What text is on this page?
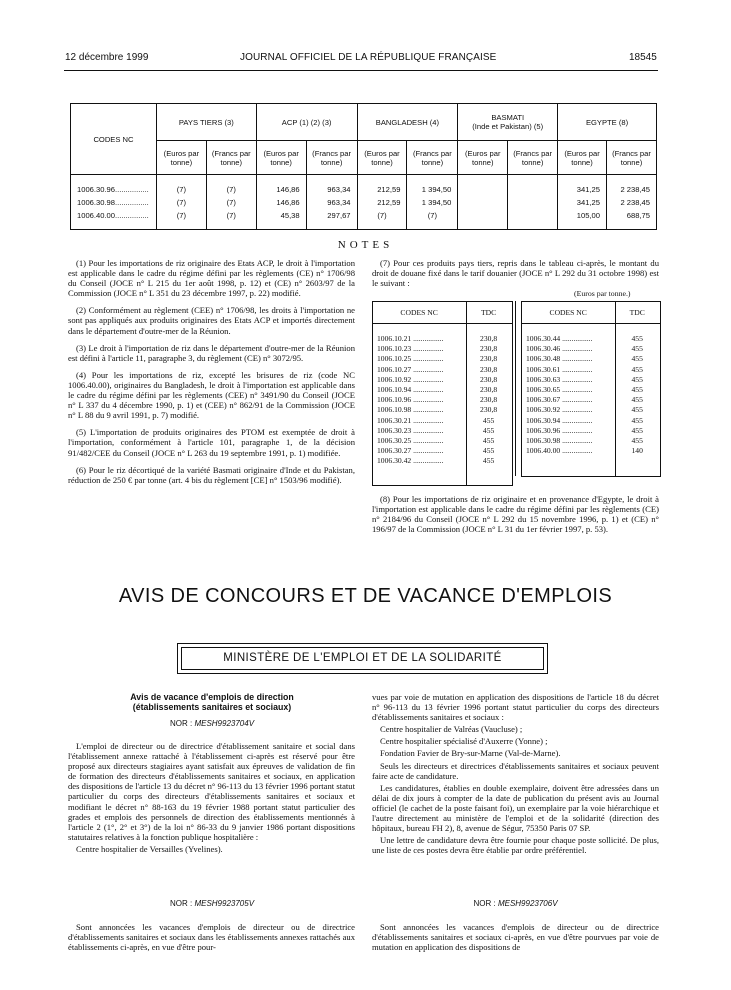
12 décembre 1999	JOURNAL OFFICIEL DE LA RÉPUBLIQUE FRANÇAISE	18545
CODES NC	PAYS TIERS (3)		ACP (1) (2) (3)		BANGLADESH (4)		BASMATI
(Inde et Pakistan) (5)		EGYPTE (8)	
	(Euros par tonne)	(Francs par tonne)	(Euros par tonne)	(Francs par tonne)	(Euros par tonne)	(Francs par tonne)	(Euros par tonne)	(Francs par tonne)	(Euros par tonne)	(Francs par tonne)
1006.30.96................	(7)	(7)	146,86	963,34	212,59	1 394,50			341,25	2 238,45
1006.30.98................	(7)	(7)	146,86	963,34	212,59	1 394,50			341,25	2 238,45
1006.40.00................	(7)	(7)	45,38	297,67	(7)	(7)			105,00	688,75
NOTES

(1) Pour les importations de riz originaire des Etats ACP, le droit à l'importation est applicable dans le cadre du régime défini par les règlements (CE) n° 1706/98 du Conseil (JOCE n° L 215 du 1er août 1998, p. 12) et (CE) n° 2603/97 de la Commission (JOCE n° L 351 du 23 décembre 1997, p. 22) modifié.

(2) Conformément au règlement (CEE) n° 1706/98, les droits à l'importation ne sont pas appliqués aux produits originaires des Etats ACP et importés directement dans le département d'outre-mer de la Réunion.

(3) Le droit à l'importation de riz dans le département d'outre-mer de la Réunion est défini à l'article 11, paragraphe 3, du règlement (CE) n° 3072/95.

(4) Pour les importations de riz, excepté les brisures de riz (code NC 1006.40.00), originaires du Bangladesh, le droit à l'importation est applicable dans le cadre du régime défini par les règlements (CEE) n° 3491/90 du Conseil (JOCE n° L 337 du 4 décembre 1990, p. 1) et (CEE) n° 862/91 de la Commission (JOCE n° L 88 du 9 avril 1991, p. 7) modifié.

(5) L'importation de produits originaires des PTOM est exemptée de droit à l'importation, conformément à l'article 101, paragraphe 1, de la décision 91/482/CEE du Conseil (JOCE n° L 263 du 19 septembre 1991, p. 1) modifiée.

(6) Pour le riz décortiqué de la variété Basmati originaire d'Inde et du Pakistan, réduction de 250 € par tonne (art. 4 bis du règlement [CE] n° 1503/96 modifié).

(7) Pour ces produits pays tiers, repris dans le tableau ci-après, le montant du droit de douane fixé dans le tarif douanier (JOCE n° L 292 du 31 octobre 1998) est le suivant :

(Euros par tonne.)
CODES NC	TDC
1006.10.21 ................	230,8
1006.10.23 ................	230,8
1006.10.25 ................	230,8
1006.10.27 ................	230,8
1006.10.92 ................	230,8
1006.10.94 ................	230,8
1006.10.96 ................	230,8
1006.10.98 ................	230,8
1006.30.21 ................	455
1006.30.23 ................	455
1006.30.25 ................	455
1006.30.27 ................	455
1006.30.42 ................	455
CODES NC	TDC
1006.30.44 ................	455
1006.30.46 ................	455
1006.30.48 ................	455
1006.30.61 ................	455
1006.30.63 ................	455
1006.30.65 ................	455
1006.30.67 ................	455
1006.30.92 ................	455
1006.30.94 ................	455
1006.30.96 ................	455
1006.30.98 ................	455
1006.40.00 ................	140
(8) Pour les importations de riz originaire et en provenance d'Egypte, le droit à l'importation est applicable dans le cadre du régime défini par les règlements (CE) n° 2184/96 du Conseil (JOCE n° L 292 du 15 novembre 1996, p. 1) et (CE) n° 196/97 de la Commission (JOCE n° L 31 du 1er février 1997, p. 53).
AVIS DE CONCOURS ET DE VACANCE D'EMPLOIS
MINISTÈRE DE L'EMPLOI ET DE LA SOLIDARITÉ
Avis de vacance d'emplois de direction
(établissements sanitaires et sociaux)
NOR : MESH9923704V

L'emploi de directeur ou de directrice d'établissement sanitaire et social dans l'établissement annexe rattaché à l'établissement ci-après est réservé pour être proposé aux directeurs stagiaires ayant satisfait aux épreuves de validation de fin de formation des directeurs d'établissements sanitaires et sociaux, en application des dispositions de l'article 13 du décret n° 96-113 du 13 février 1996 portant statut particulier du corps des directeurs d'établissements sanitaires et sociaux et modifiant le décret n° 88-163 du 19 février 1988 portant statut particulier des grades et emplois des personnels de direction des établissements mentionnés à l'article 2 (1°, 2° et 3°) de la loi n° 86-33 du 9 janvier 1986 portant dispositions statutaires relatives à la fonction publique hospitalière :

Centre hospitalier de Versailles (Yvelines).

NOR : MESH9923705V

Sont annoncées les vacances d'emplois de directeur ou de directrice d'établissements sanitaires et sociaux dans les établissements annexes rattachés aux établissements ci-après, en vue d'être pour-

vues par voie de mutation en application des dispositions de l'article 18 du décret n° 96-113 du 13 février 1996 portant statut particulier du corps des directeurs d'établissements sanitaires et sociaux :

Centre hospitalier de Valréas (Vaucluse) ;

Centre hospitalier spécialisé d'Auxerre (Yonne) ;

Fondation Favier de Bry-sur-Marne (Val-de-Marne).

Seuls les directeurs et directrices d'établissements sanitaires et sociaux peuvent faire acte de candidature.

Les candidatures, établies en double exemplaire, doivent être adressées dans un délai de dix jours à compter de la date de publication du présent avis au Journal officiel (le cachet de la poste faisant foi), un exemplaire par la voie hiérarchique et l'autre directement au ministère de l'emploi et de la solidarité (direction des hôpitaux, bureau FH 2), 8, avenue de Ségur, 75350 Paris 07 SP.

Une lettre de candidature devra être fournie pour chaque poste sollicité. De plus, une liste de ces postes devra être établie par ordre préférentiel.

NOR : MESH9923706V

Sont annoncées les vacances d'emplois de directeur ou de directrice d'établissements sanitaires et sociaux ci-après, en vue d'être pourvues par voie de mutation en application des dispositions de
